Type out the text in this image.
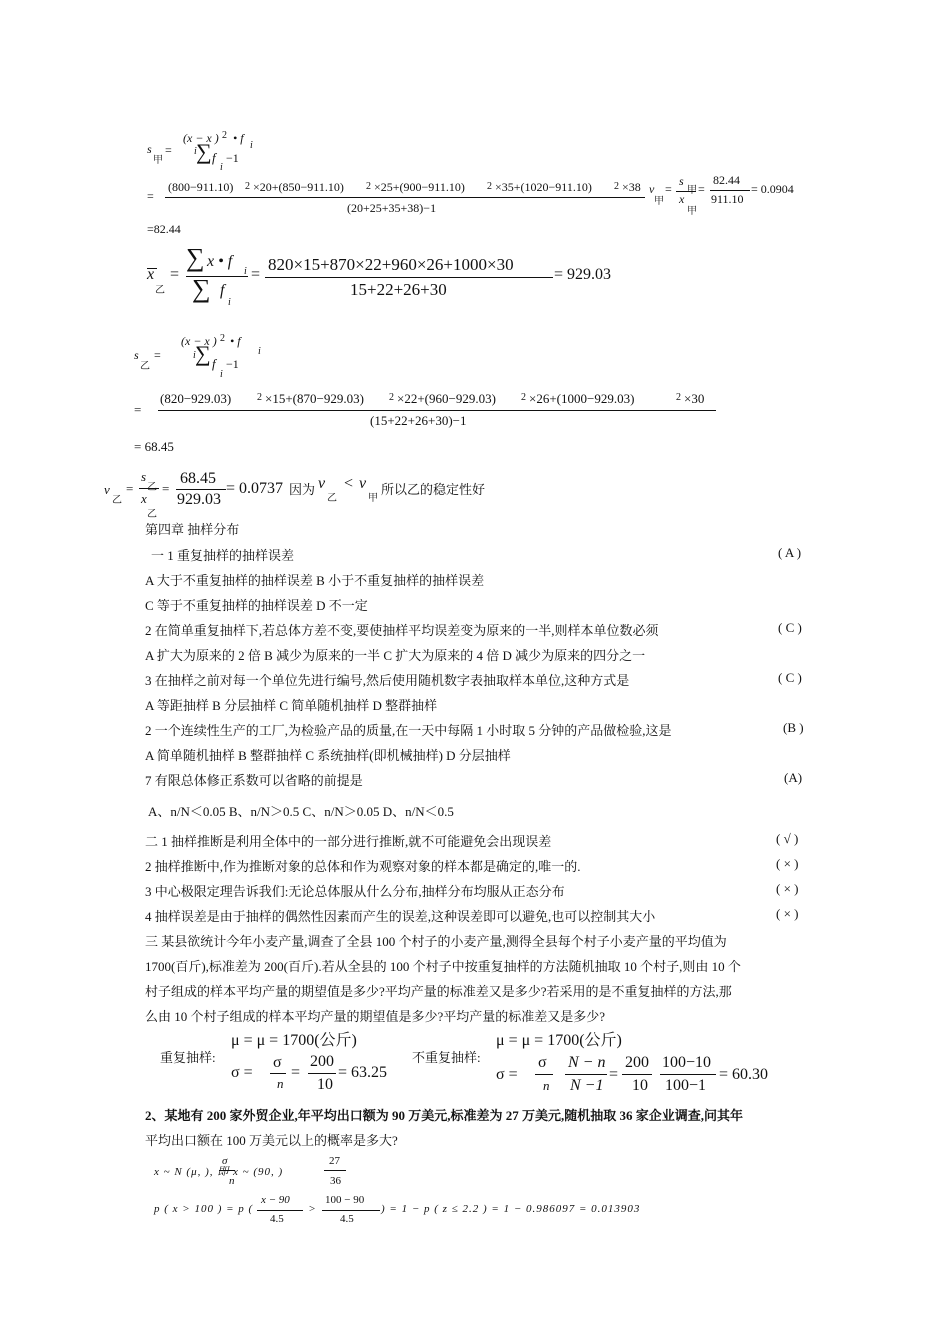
s
甲
=
(x − x ) 2 • f
i
i ∑ f −1
i
=
(800−911.10) 2 ×20+(850−911.10) 2 ×25+(900−911.10) 2 ×35+(1020−911.10) 2 ×38
(20+25+35+38)−1
v
甲
=
s
甲
x
甲
=
82.44
911.10
= 0.0904
=82.44
x
乙
=
∑ x • f
i
∑ f
i
=
820×15+870×22+960×26+1000×30
15+22+26+30
= 929.03
s
乙
=
(x − x ) 2 • f
i
i ∑ f −1
i
=
(820−929.03)	2 ×15+(870−929.03)	2 ×22+(960−929.03)	2 ×26+(1000−929.03)	2 ×30
(15+22+26+30)−1
= 68.45
v
乙
=
s
乙
x
乙
=
68.45
929.03
= 0.0737 因为 v
乙
< v
甲
所以乙的稳定性好
第四章 抽样分布
一 1 重复抽样的抽样误差	( A )
A 大于不重复抽样的抽样误差 B 小于不重复抽样的抽样误差
C 等于不重复抽样的抽样误差 D 不一定
2 在简单重复抽样下,若总体方差不变,要使抽样平均误差变为原来的一半,则样本单位数必须	( C )
A 扩大为原来的 2 倍 B 减少为原来的一半 C 扩大为原来的 4 倍 D 减少为原来的四分之一
3 在抽样之前对每一个单位先进行编号,然后使用随机数字表抽取样本单位,这种方式是	( C )
A 等距抽样 B 分层抽样 C 简单随机抽样 D 整群抽样
2 一个连续性生产的工厂,为检验产品的质量,在一天中每隔 1 小时取 5 分钟的产品做检验,这是	(B )
A 简单随机抽样 B 整群抽样 C 系统抽样(即机械抽样) D 分层抽样
7 有限总体修正系数可以省略的前提是	(A)
A、n/N＜0.05 B、n/N＞0.5 C、n/N＞0.05 D、n/N＜0.5
二 1 抽样推断是利用全体中的一部分进行推断,就不可能避免会出现误差	( √ )
2 抽样推断中,作为推断对象的总体和作为观察对象的样本都是确定的,唯一的.	( × )
3 中心极限定理告诉我们:无论总体服从什么分布,抽样分布均服从正态分布	( × )
4 抽样误差是由于抽样的偶然性因素而产生的误差,这种误差即可以避免,也可以控制其大小	( × )
三 某县欲统计今年小麦产量,调查了全县 100 个村子的小麦产量,测得全县每个村子小麦产量的平均值为
1700(百斤),标准差为 200(百斤).若从全县的 100 个村子中按重复抽样的方法随机抽取 10 个村子,则由 10 个
村子组成的样本平均产量的期望值是多少?平均产量的标准差又是多少?若采用的是不重复抽样的方法,那
么由 10 个村子组成的样本平均产量的期望值是多少?平均产量的标准差又是多少?
重复抽样:
μ = μ = 1700(公斤)
σ =
σ
n
=
200
10
= 63.25
不重复抽样:
μ = μ = 1700(公斤)
σ =
σ
n
N − n
N −1
=
200
10
100−10
100−1
= 60.30
2、某地有 200 家外贸企业,年平均出口额为 90 万美元,标准差为 27 万美元,随机抽取 36 家企业调查,问其年
平均出口额在 100 万美元以上的概率是多大?
x ~ N (μ, ), 即 x ~ (90, )
σ
n
27
36
p ( x > 100 ) = p (
x − 90
4.5
>
100 − 90
4.5
) = 1 − p ( z ≤ 2.2 ) = 1 − 0.986097 = 0.013903
